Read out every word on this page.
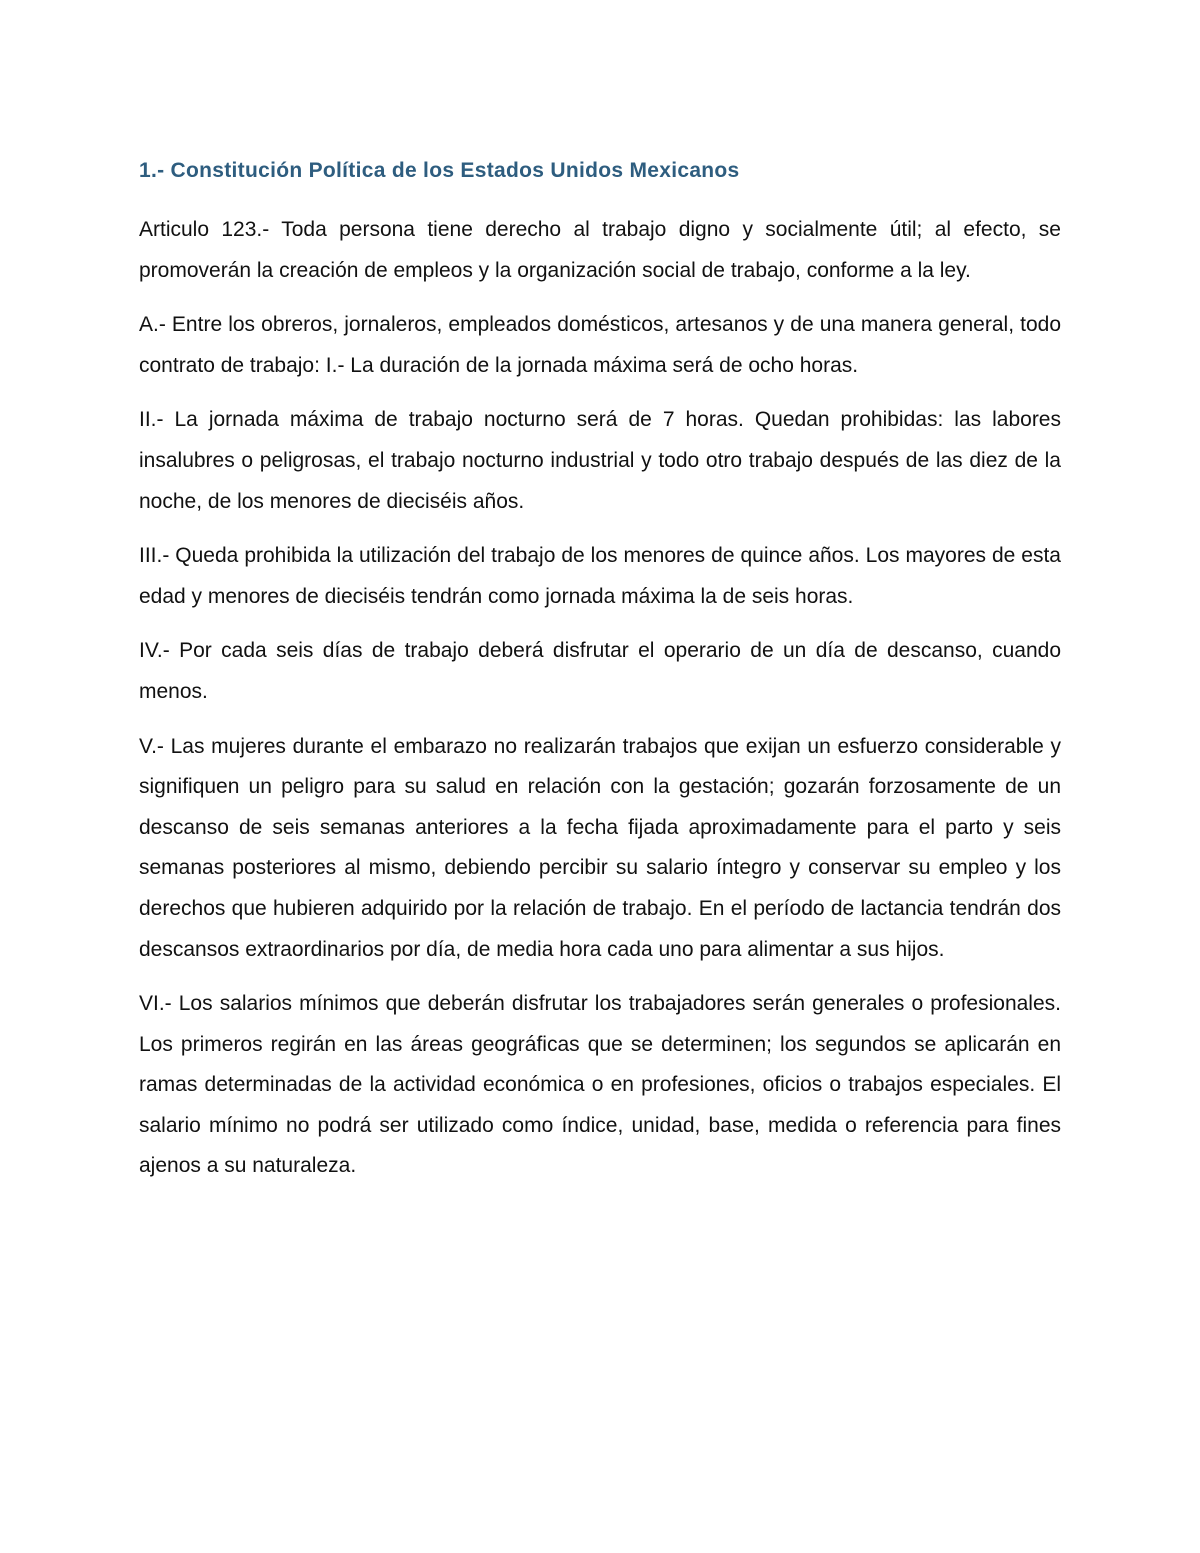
1.- Constitución Política de los Estados Unidos Mexicanos

Articulo 123.- Toda persona tiene derecho al trabajo digno y socialmente útil; al efecto, se promoverán la creación de empleos y la organización social de trabajo, conforme a la ley.

A.- Entre los obreros, jornaleros, empleados domésticos, artesanos y de una manera general, todo contrato de trabajo: I.- La duración de la jornada máxima será de ocho horas.

II.- La jornada máxima de trabajo nocturno será de 7 horas. Quedan prohibidas: las labores insalubres o peligrosas, el trabajo nocturno industrial y todo otro trabajo después de las diez de la noche, de los menores de dieciséis años.

III.- Queda prohibida la utilización del trabajo de los menores de quince años. Los mayores de esta edad y menores de dieciséis tendrán como jornada máxima la de seis horas.

IV.- Por cada seis días de trabajo deberá disfrutar el operario de un día de descanso, cuando menos.

V.- Las mujeres durante el embarazo no realizarán trabajos que exijan un esfuerzo considerable y signifiquen un peligro para su salud en relación con la gestación; gozarán forzosamente de un descanso de seis semanas anteriores a la fecha fijada aproximadamente para el parto y seis semanas posteriores al mismo, debiendo percibir su salario íntegro y conservar su empleo y los derechos que hubieren adquirido por la relación de trabajo. En el período de lactancia tendrán dos descansos extraordinarios por día, de media hora cada uno para alimentar a sus hijos.

VI.- Los salarios mínimos que deberán disfrutar los trabajadores serán generales o profesionales. Los primeros regirán en las áreas geográficas que se determinen; los segundos se aplicarán en ramas determinadas de la actividad económica o en profesiones, oficios o trabajos especiales. El salario mínimo no podrá ser utilizado como índice, unidad, base, medida o referencia para fines ajenos a su naturaleza.
